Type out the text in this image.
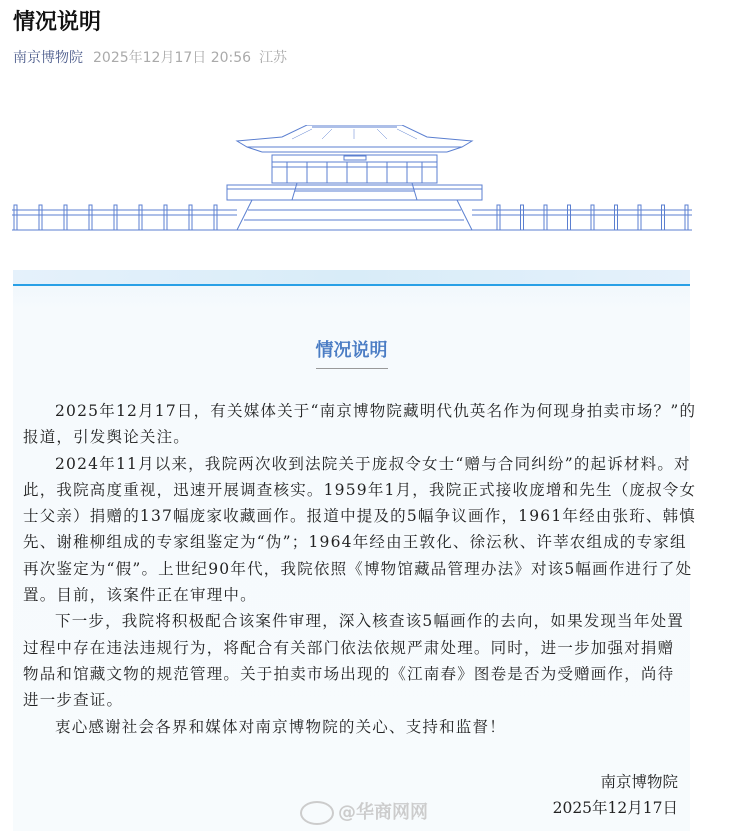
情况说明
南京博物院 2025年12月17日 20:56 江苏
情况说明
2025年12月17日，有关媒体关于“南京博物院藏明代仇英名作为何现身拍卖市场？”的
报道，引发舆论关注。
2024年11月以来，我院两次收到法院关于庞叔令女士“赠与合同纠纷”的起诉材料。对
此，我院高度重视，迅速开展调查核实。1959年1月，我院正式接收庞增和先生（庞叔令女
士父亲）捐赠的137幅庞家收藏画作。报道中提及的5幅争议画作，1961年经由张珩、韩慎
先、谢稚柳组成的专家组鉴定为“伪”；1964年经由王敦化、徐沄秋、许莘农组成的专家组
再次鉴定为“假”。上世纪90年代，我院依照《博物馆藏品管理办法》对该5幅画作进行了处
置。目前，该案件正在审理中。
下一步，我院将积极配合该案件审理，深入核查该5幅画作的去向，如果发现当年处置
过程中存在违法违规行为，将配合有关部门依法依规严肃处理。同时，进一步加强对捐赠
物品和馆藏文物的规范管理。关于拍卖市场出现的《江南春》图卷是否为受赠画作，尚待
进一步查证。
衷心感谢社会各界和媒体对南京博物院的关心、支持和监督！
南京博物院
2025年12月17日
@华商网网
